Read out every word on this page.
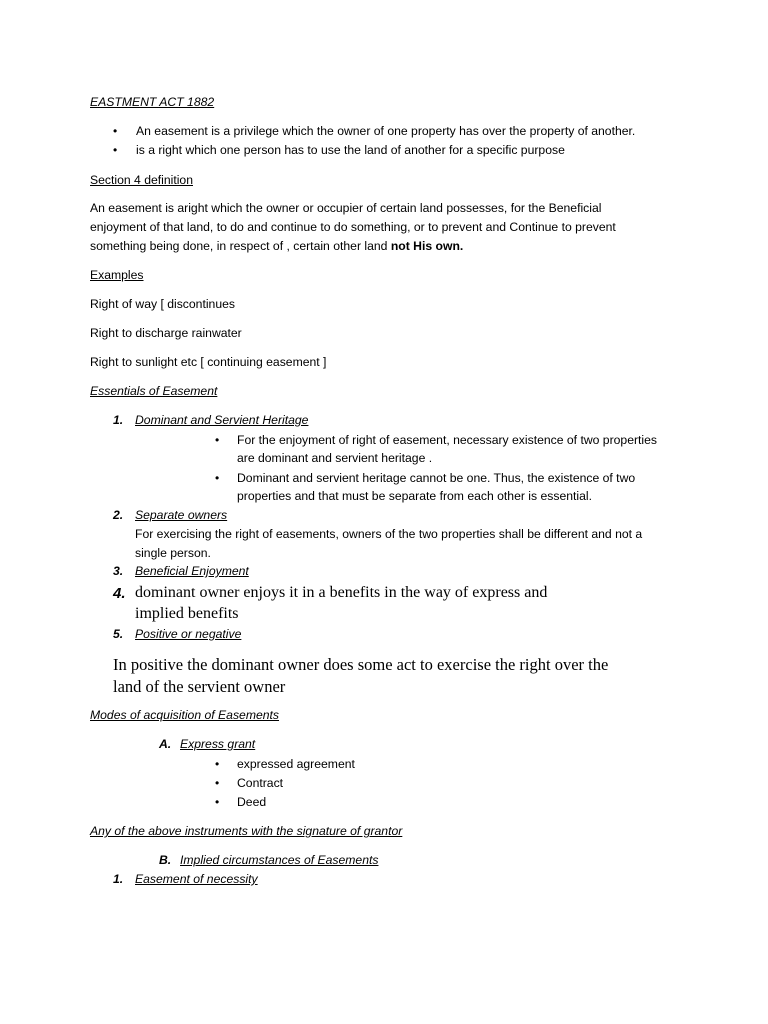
EASTMENT ACT 1882
• An easement is a privilege which the owner of one property has over the property of another.
• is a right which one person has to use the land of another for a specific purpose
Section 4 definition
An easement is aright which the owner or occupier of certain land possesses, for the Beneficial
enjoyment of that land, to do and continue to do something, or to prevent and Continue to prevent
something being done, in respect of , certain other land not His own.
Examples
Right of way [ discontinues
Right to discharge rainwater
Right to sunlight etc [ continuing easement ]
Essentials of Easement
1. Dominant and Servient Heritage
• For the enjoyment of right of easement, necessary existence of two properties
are dominant and servient heritage .
• Dominant and servient heritage cannot be one. Thus, the existence of two
properties and that must be separate from each other is essential.
2. Separate owners
For exercising the right of easements, owners of the two properties shall be different and not a
single person.
3. Beneficial Enjoyment
4. dominant owner enjoys it in a benefits in the way of express and
implied benefits
5. Positive or negative
In positive the dominant owner does some act to exercise the right over the
land of the servient owner
Modes of acquisition of Easements
A. Express grant
• expressed agreement
• Contract
• Deed
Any of the above instruments with the signature of grantor
B. Implied circumstances of Easements
1. Easement of necessity
